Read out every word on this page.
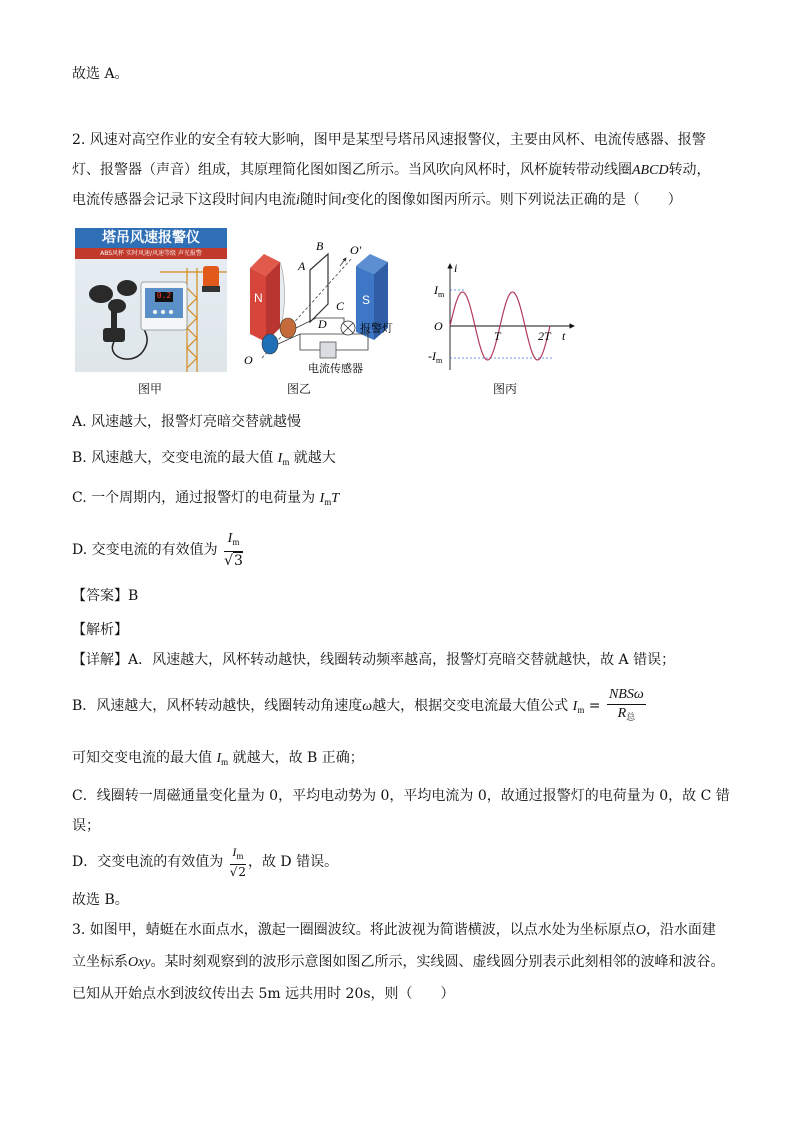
故选 A。
2. 风速对高空作业的安全有较大影响，图甲是某型号塔吊风速报警仪，主要由风杯、电流传感器、报警
灯、报警器（声音）组成，其原理简化图如图乙所示。当风吹向风杯时，风杯旋转带动线圈ABCD转动，
电流传感器会记录下这段时间内电流i随时间t变化的图像如图丙所示。则下列说法正确的是（　　）
塔吊风速报警仪
ABS风杯 实时风速/风速等级 声光报警
0.2
图甲
N	S
B
A
C
D
O′
O
报警灯
电流传感器
图乙
i
t
O
$I_m$
$-I_m$
T	2T
图丙
A. 风速越大，报警灯亮暗交替就越慢
B. 风速越大，交变电流的最大值 $I_m$ 就越大
C. 一个周期内，通过报警灯的电荷量为 $I_mT$
D. 交变电流的有效值为 $\frac{I_m}{√3}$
【答案】B
【解析】
【详解】A．风速越大，风杯转动越快，线圈转动频率越高，报警灯亮暗交替就越快，故 A 错误；
B．风速越大，风杯转动越快，线圈转动角速度ω越大，根据交变电流最大值公式 $I_m = \frac{\text{NBSω}}{R_总}$
可知交变电流的最大值 $I_m$ 就越大，故 B 正确；
C．线圈转一周磁通量变化量为 0，平均电动势为 0，平均电流为 0，故通过报警灯的电荷量为 0，故 C 错
误；
D．交变电流的有效值为 $\frac{I_m}{√2}$ ，故 D 错误。
故选 B。
3. 如图甲，蜻蜓在水面点水，激起一圈圈波纹。将此波视为简谐横波，以点水处为坐标原点O，沿水面建
立坐标系Oxy。某时刻观察到的波形示意图如图乙所示，实线圆、虚线圆分别表示此刻相邻的波峰和波谷。
已知从开始点水到波纹传出去 5m 远共用时 20s，则（　　）
